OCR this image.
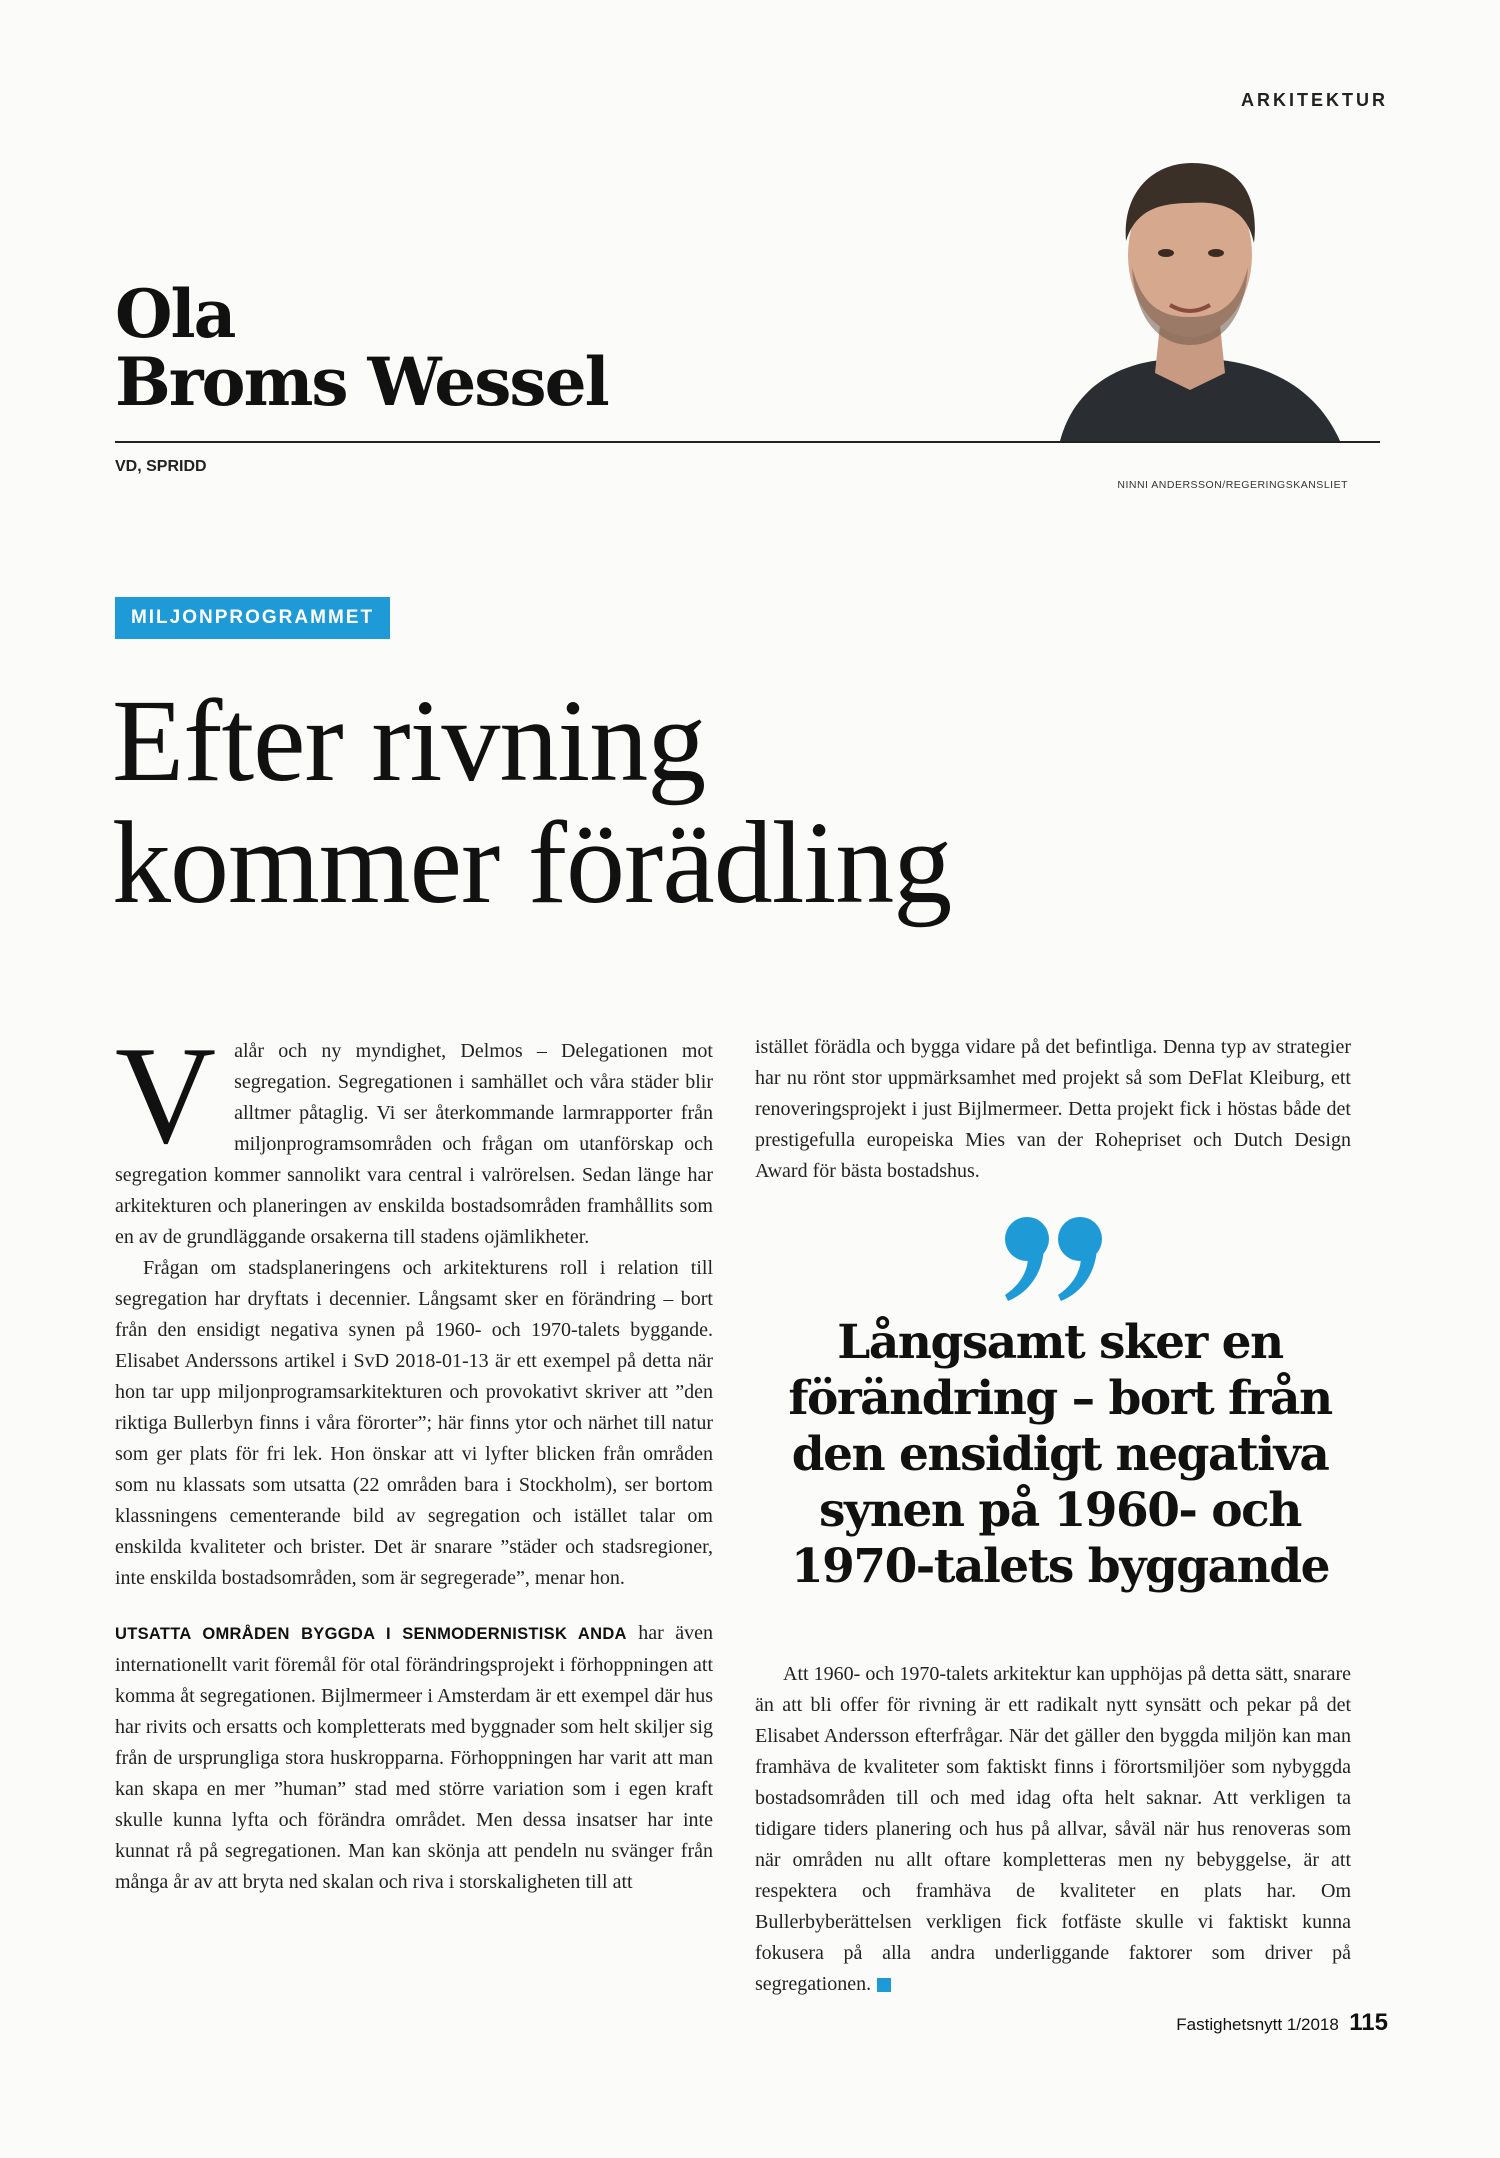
ARKITEKTUR
Ola
Broms Wessel
VD, SPRIDD
NINNI ANDERSSON/REGERINGSKANSLIET
MILJONPROGRAMMET
Efter rivning
kommer förädling

V alår och ny myndighet, Delmos – Delegationen mot segregation. Segregationen i samhället och våra städer blir alltmer påtaglig. Vi ser återkommande larmrapporter från miljonprogramsområden och frågan om utanförskap och segregation kommer sannolikt vara central i valrörelsen. Sedan länge har arkitekturen och planeringen av enskilda bostadsområden framhållits som en av de grundläggande orsakerna till stadens ojämlikheter.

Frågan om stadsplaneringens och arkitekturens roll i relation till segregation har dryftats i decennier. Långsamt sker en förändring – bort från den ensidigt negativa synen på 1960- och 1970-talets byggande. Elisabet Anderssons artikel i SvD 2018-01-13 är ett exempel på detta när hon tar upp miljonprogramsarkitekturen och provokativt skriver att ”den riktiga Bullerbyn finns i våra förorter”; här finns ytor och närhet till natur som ger plats för fri lek. Hon önskar att vi lyfter blicken från områden som nu klassats som utsatta (22 områden bara i Stockholm), ser bortom klassningens cementerande bild av segregation och istället talar om enskilda kvaliteter och brister. Det är snarare ”städer och stadsregioner, inte enskilda bostadsområden, som är segregerade”, menar hon.

UTSATTA OMRÅDEN BYGGDA I SENMODERNISTISK ANDA har även internationellt varit föremål för otal förändringsprojekt i förhoppningen att komma åt segregationen. Bijlmermeer i Amsterdam är ett exempel där hus har rivits och ersatts och kompletterats med byggnader som helt skiljer sig från de ursprungliga stora huskropparna. Förhoppningen har varit att man kan skapa en mer ”human” stad med större variation som i egen kraft skulle kunna lyfta och förändra området. Men dessa insatser har inte kunnat rå på segregationen. Man kan skönja att pendeln nu svänger från många år av att bryta ned skalan och riva i storskaligheten till att

istället förädla och bygga vidare på det befintliga. Denna typ av strategier har nu rönt stor uppmärksamhet med projekt så som DeFlat Kleiburg, ett renoveringsprojekt i just Bijlmermeer. Detta projekt fick i höstas både det prestigefulla europeiska Mies van der Rohepriset och Dutch Design Award för bästa bostadshus.

Långsamt sker en förändring – bort från den ensidigt negativa synen på 1960- och 1970-talets byggande

Att 1960- och 1970-talets arkitektur kan upphöjas på detta sätt, snarare än att bli offer för rivning är ett radikalt nytt synsätt och pekar på det Elisabet Andersson efterfrågar. När det gäller den byggda miljön kan man framhäva de kvaliteter som faktiskt finns i förortsmiljöer som nybyggda bostadsområden till och med idag ofta helt saknar. Att verkligen ta tidigare tiders planering och hus på allvar, såväl när hus renoveras som när områden nu allt oftare kompletteras men ny bebyggelse, är att respektera och framhäva de kvaliteter en plats har. Om Bullerbyberättelsen verkligen fick fotfäste skulle vi faktiskt kunna fokusera på alla andra underliggande faktorer som driver på segregationen.

Fastighetsnytt 1/2018 115
